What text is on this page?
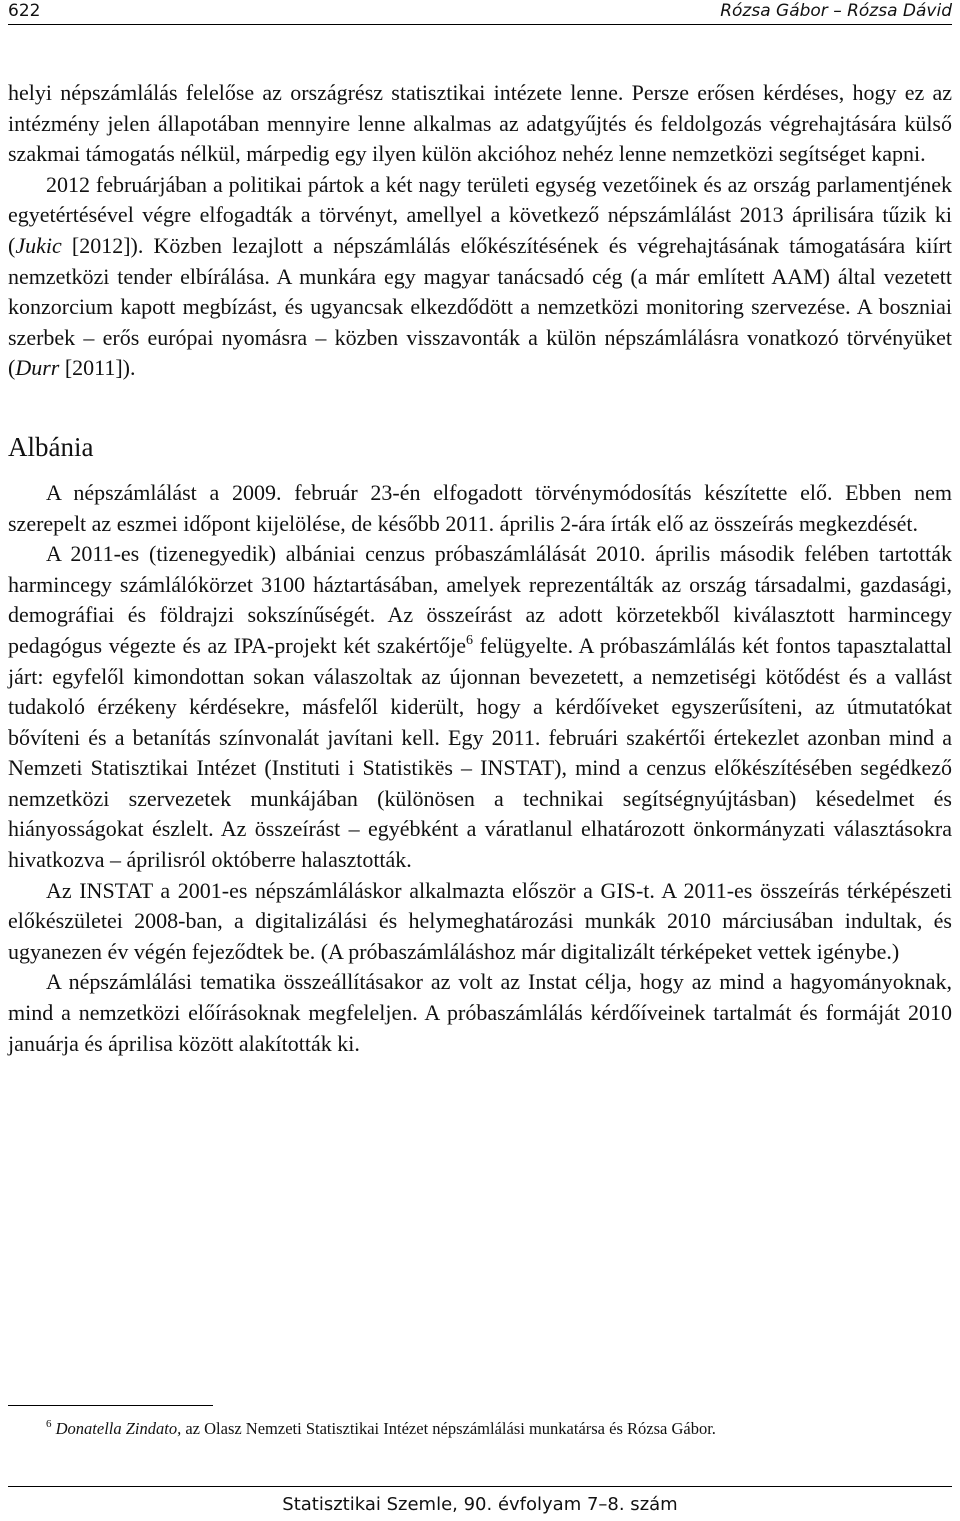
622	Rózsa Gábor – Rózsa Dávid

helyi népszámlálás felelőse az országrész statisztikai intézete lenne. Persze erősen kérdéses, hogy ez az intézmény jelen állapotában mennyire lenne alkalmas az adatgyűjtés és feldolgozás végrehajtására külső szakmai támogatás nélkül, márpedig egy ilyen külön akcióhoz nehéz lenne nemzetközi segítséget kapni.

2012 februárjában a politikai pártok a két nagy területi egység vezetőinek és az ország parlamentjének egyetértésével végre elfogadták a törvényt, amellyel a következő népszámlálást 2013 áprilisára tűzik ki (Jukic [2012]). Közben lezajlott a népszámlálás előkészítésének és végrehajtásának támogatására kiírt nemzetközi tender elbírálása. A munkára egy magyar tanácsadó cég (a már említett AAM) által vezetett konzorcium kapott megbízást, és ugyancsak elkezdődött a nemzetközi monitoring szervezése. A boszniai szerbek – erős európai nyomásra – közben visszavonták a külön népszámlálásra vonatkozó törvényüket (Durr [2011]).

Albánia

A népszámlálást a 2009. február 23-én elfogadott törvénymódosítás készítette elő. Ebben nem szerepelt az eszmei időpont kijelölése, de később 2011. április 2-ára írták elő az összeírás megkezdését.

A 2011-es (tizenegyedik) albániai cenzus próbaszámlálását 2010. április második felében tartották harmincegy számlálókörzet 3100 háztartásában, amelyek reprezentálták az ország társadalmi, gazdasági, demográfiai és földrajzi sokszínűségét. Az összeírást az adott körzetekből kiválasztott harmincegy pedagógus végezte és az IPA-projekt két szakértője$^6$ felügyelte. A próbaszámlálás két fontos tapasztalattal járt: egyfelől kimondottan sokan válaszoltak az újonnan bevezetett, a nemzetiségi kötődést és a vallást tudakoló érzékeny kérdésekre, másfelől kiderült, hogy a kérdőíveket egyszerűsíteni, az útmutatókat bővíteni és a betanítás színvonalát javítani kell. Egy 2011. februári szakértői értekezlet azonban mind a Nemzeti Statisztikai Intézet (Instituti i Statistikës – INSTAT), mind a cenzus előkészítésében segédkező nemzetközi szervezetek munkájában (különösen a technikai segítségnyújtásban) késedelmet és hiányosságokat észlelt. Az összeírást – egyébként a váratlanul elhatározott önkormányzati választásokra hivatkozva – áprilisról októberre halasztották.

Az INSTAT a 2001-es népszámláláskor alkalmazta először a GIS-t. A 2011-es összeírás térképészeti előkészületei 2008-ban, a digitalizálási és helymeghatározási munkák 2010 márciusában indultak, és ugyanezen év végén fejeződtek be. (A próbaszámláláshoz már digitalizált térképeket vettek igénybe.)

A népszámlálási tematika összeállításakor az volt az Instat célja, hogy az mind a hagyományoknak, mind a nemzetközi előírásoknak megfeleljen. A próbaszámlálás kérdőíveinek tartalmát és formáját 2010 januárja és áprilisa között alakították ki.

$^6$ Donatella Zindato, az Olasz Nemzeti Statisztikai Intézet népszámlálási munkatársa és Rózsa Gábor.
Statisztikai Szemle, 90. évfolyam 7–8. szám
